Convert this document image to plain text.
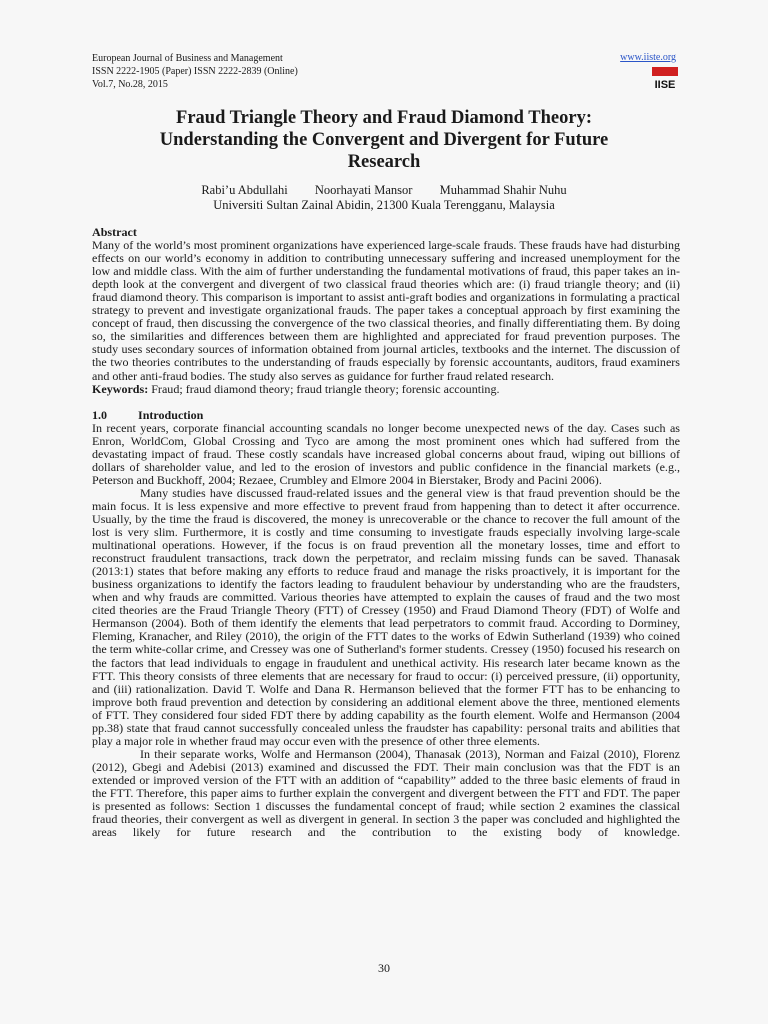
European Journal of Business and Management
ISSN 2222-1905 (Paper) ISSN 2222-2839 (Online)
Vol.7, No.28, 2015
www.iiste.org
IISE
Fraud Triangle Theory and Fraud Diamond Theory:
Understanding the Convergent and Divergent for Future
Research
Rabi’u Abdullahi Noorhayati Mansor Muhammad Shahir Nuhu
Universiti Sultan Zainal Abidin, 21300 Kuala Terengganu, Malaysia

Abstract

Many of the world’s most prominent organizations have experienced large-scale frauds. These frauds have had disturbing effects on our world’s economy in addition to contributing unnecessary suffering and increased unemployment for the low and middle class. With the aim of further understanding the fundamental motivations of fraud, this paper takes an in-depth look at the convergent and divergent of two classical fraud theories which are: (i) fraud triangle theory; and (ii) fraud diamond theory. This comparison is important to assist anti-graft bodies and organizations in formulating a practical strategy to prevent and investigate organizational frauds. The paper takes a conceptual approach by first examining the concept of fraud, then discussing the convergence of the two classical theories, and finally differentiating them. By doing so, the similarities and differences between them are highlighted and appreciated for fraud prevention purposes. The study uses secondary sources of information obtained from journal articles, textbooks and the internet. The discussion of the two theories contributes to the understanding of frauds especially by forensic accountants, auditors, fraud examiners and other anti-fraud bodies. The study also serves as guidance for further fraud related research.

Keywords: Fraud; fraud diamond theory; fraud triangle theory; forensic accounting.

1.0	Introduction

In recent years, corporate financial accounting scandals no longer become unexpected news of the day. Cases such as Enron, WorldCom, Global Crossing and Tyco are among the most prominent ones which had suffered from the devastating impact of fraud. These costly scandals have increased global concerns about fraud, wiping out billions of dollars of shareholder value, and led to the erosion of investors and public confidence in the financial markets (e.g., Peterson and Buckhoff, 2004; Rezaee, Crumbley and Elmore 2004 in Bierstaker, Brody and Pacini 2006).

Many studies have discussed fraud-related issues and the general view is that fraud prevention should be the main focus. It is less expensive and more effective to prevent fraud from happening than to detect it after occurrence. Usually, by the time the fraud is discovered, the money is unrecoverable or the chance to recover the full amount of the lost is very slim. Furthermore, it is costly and time consuming to investigate frauds especially involving large-scale multinational operations. However, if the focus is on fraud prevention all the monetary losses, time and effort to reconstruct fraudulent transactions, track down the perpetrator, and reclaim missing funds can be saved. Thanasak (2013:1) states that before making any efforts to reduce fraud and manage the risks proactively, it is important for the business organizations to identify the factors leading to fraudulent behaviour by understanding who are the fraudsters, when and why frauds are committed. Various theories have attempted to explain the causes of fraud and the two most cited theories are the Fraud Triangle Theory (FTT) of Cressey (1950) and Fraud Diamond Theory (FDT) of Wolfe and Hermanson (2004). Both of them identify the elements that lead perpetrators to commit fraud. According to Dorminey, Fleming, Kranacher, and Riley (2010), the origin of the FTT dates to the works of Edwin Sutherland (1939) who coined the term white-collar crime, and Cressey was one of Sutherland's former students. Cressey (1950) focused his research on the factors that lead individuals to engage in fraudulent and unethical activity. His research later became known as the FTT. This theory consists of three elements that are necessary for fraud to occur: (i) perceived pressure, (ii) opportunity, and (iii) rationalization. David T. Wolfe and Dana R. Hermanson believed that the former FTT has to be enhancing to improve both fraud prevention and detection by considering an additional element above the three, mentioned elements of FTT. They considered four sided FDT there by adding capability as the fourth element. Wolfe and Hermanson (2004 pp.38) state that fraud cannot successfully concealed unless the fraudster has capability: personal traits and abilities that play a major role in whether fraud may occur even with the presence of other three elements.

In their separate works, Wolfe and Hermanson (2004), Thanasak (2013), Norman and Faizal (2010), Florenz (2012), Gbegi and Adebisi (2013) examined and discussed the FDT. Their main conclusion was that the FDT is an extended or improved version of the FTT with an addition of “capability” added to the three basic elements of fraud in the FTT. Therefore, this paper aims to further explain the convergent and divergent between the FTT and FDT. The paper is presented as follows: Section 1 discusses the fundamental concept of fraud; while section 2 examines the classical fraud theories, their convergent as well as divergent in general. In section 3 the paper was concluded and highlighted the areas likely for future research and the contribution to the existing body of knowledge.

30
